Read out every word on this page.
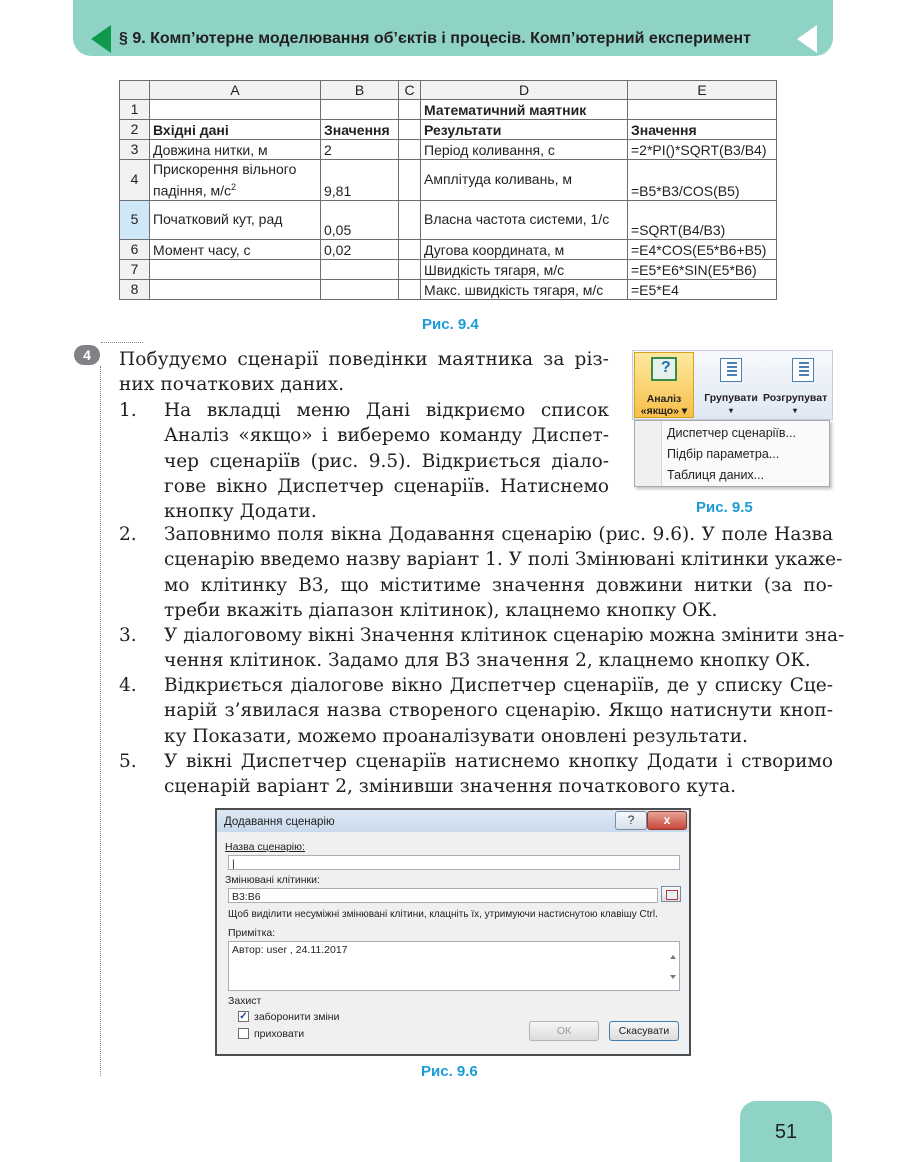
§ 9. Комп’ютерне моделювання об’єктів і процесів. Комп’ютерний експеримент
	A	B	C	D	E
1				Математичний маятник	
2	Вхідні дані	Значення		Результати	Значення
3	Довжина нитки, м	2		Період коливання, с	=2*PI()*SQRT(B3/B4)
4	Прискорення вільного
падіння, $м/с^2$	9,81		Амплітуда коливань, м	=B5*B3/COS(B5)
5	Початковий кут, рад	0,05		Власна частота системи, 1/с	=SQRT(B4/B3)
6	Момент часу, с	0,02		Дугова координата, м	=E4*COS(E5*B6+B5)
7				Швидкість тягаря, м/с	=E5*E6*SIN(E5*B6)
8				Макс. швидкість тягаря, м/с	=E5*E4
Рис. 9.4
4	Побудуємо сценарії поведінки маятника за різ-
них початкових даних.
1. На вкладці меню Дані відкриємо список
Аналіз «якщо» і виберемо команду Диспет-
чер сценаріїв (рис. 9.5). Відкриється діало-
гове вікно Диспетчер сценаріїв. Натиснемо
кнопку Додати.
?
Аналіз
«якщо» ▾
Групувати
▾
Розгрупуват
▾
Диспетчер сценаріїв...
Підбір параметра...
Таблиця даних...
Рис. 9.5
2. Заповнимо поля вікна Додавання сценарію (рис. 9.6). У поле Назва
сценарію введемо назву варіант 1. У полі Змінювані клітинки укаже-
мо клітинку B3, що міститиме значення довжини нитки (за по-
треби вкажіть діапазон клітинок), клацнемо кнопку ОК.
3. У діалоговому вікні Значення клітинок сценарію можна змінити зна-
чення клітинок. Задамо для B3 значення 2, клацнемо кнопку ОК.
4. Відкриється діалогове вікно Диспетчер сценаріїв, де у списку Сце-
нарій з’явилася назва створеного сценарію. Якщо натиснути кноп-
ку Показати, можемо проаналізувати оновлені результати.
5. У вікні Диспетчер сценаріїв натиснемо кнопку Додати і створимо
сценарій варіант 2, змінивши значення початкового кута.
Додавання сценарію	?	x
Назва сценарію:
|
Змінювані клітинки:
B3:B6
Щоб виділити несуміжні змінювані клітини, клацніть їх, утримуючи настиснутою клавішу Ctrl.
Примітка:
Автор: user , 24.11.2017
Захист
✓ заборонити зміни
приховати	ОК	Скасувати
Рис. 9.6
51
